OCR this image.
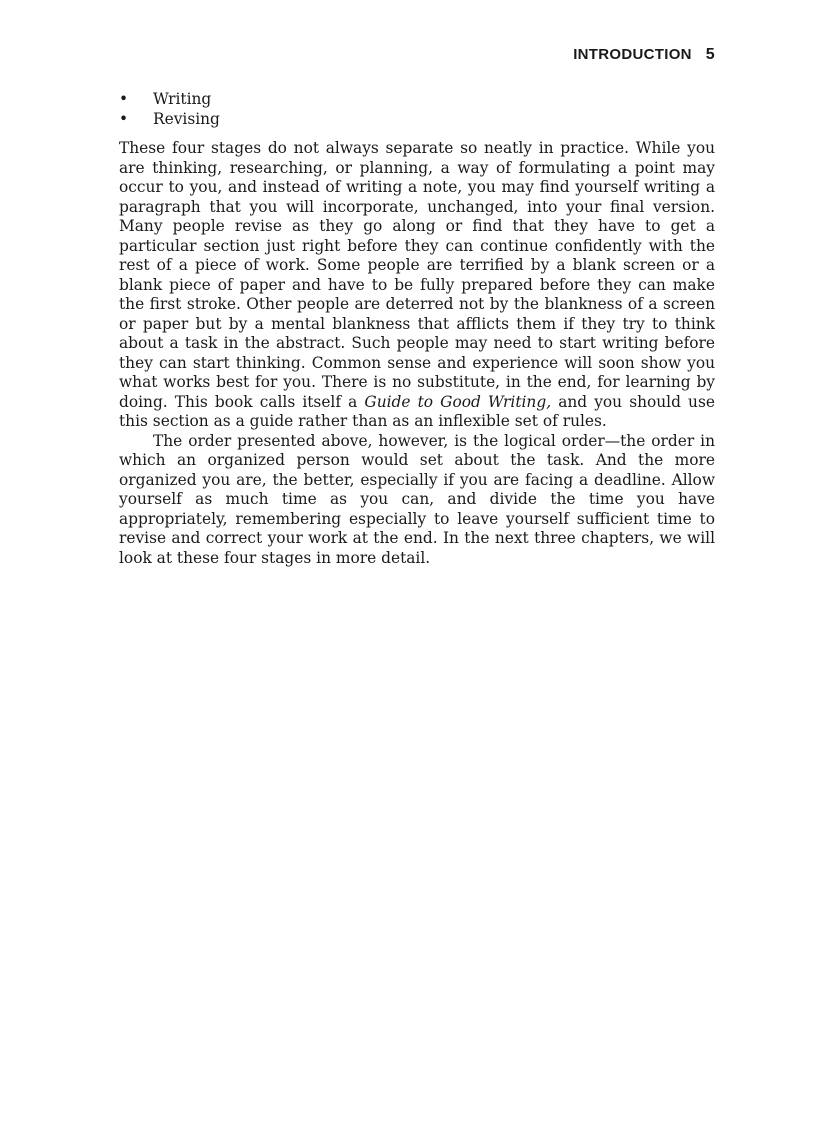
INTRODUCTION 5
• Writing
• Revising

These four stages do not always separate so neatly in practice. While you are thinking, researching, or planning, a way of formulating a point may occur to you, and instead of writing a note, you may find yourself writing a paragraph that you will incorporate, unchanged, into your final version. Many people revise as they go along or find that they have to get a particular section just right before they can continue confidently with the rest of a piece of work. Some people are terrified by a blank screen or a blank piece of paper and have to be fully prepared before they can make the first stroke. Other people are deterred not by the blankness of a screen or paper but by a mental blankness that afflicts them if they try to think about a task in the abstract. Such people may need to start writing before they can start thinking. Common sense and experience will soon show you what works best for you. There is no substitute, in the end, for learning by doing. This book calls itself a Guide to Good Writing, and you should use this section as a guide rather than as an inflexible set of rules.

The order presented above, however, is the logical order—the order in which an organized person would set about the task. And the more organized you are, the better, especially if you are facing a deadline. Allow yourself as much time as you can, and divide the time you have appropriately, remembering especially to leave yourself sufficient time to revise and correct your work at the end. In the next three chapters, we will look at these four stages in more detail.
